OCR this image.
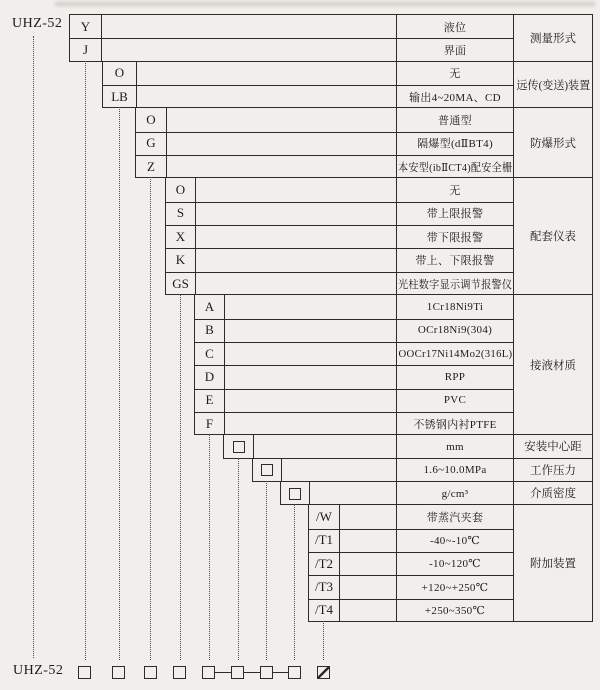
UHZ-52
UHZ-52
Y	液位
J	界面
测量形式
O	无
LB	输出4~20MA、CD
远传(变送)装置
O	普通型
G	隔爆型(dⅡBT4)
Z	本安型(ibⅡCT4)配安全栅
防爆形式
O	无
S	带上限报警
X	带下限报警
K	带上、下限报警
GS	光柱数字显示调节报警仪
配套仪表
A	1Cr18Ni9Ti
B	OCr18Ni9(304)
C	OOCr17Ni14Mo2(316L)
D	RPP
E	PVC
F	不锈钢内衬PTFE
接液材质
mm	安装中心距
1.6~10.0MPa	工作压力
g/cm³	介质密度
/W	带蒸汽夹套
/T1	-40~-10℃
/T2	-10~120℃
/T3	+120~+250℃
/T4	+250~350℃
附加装置
